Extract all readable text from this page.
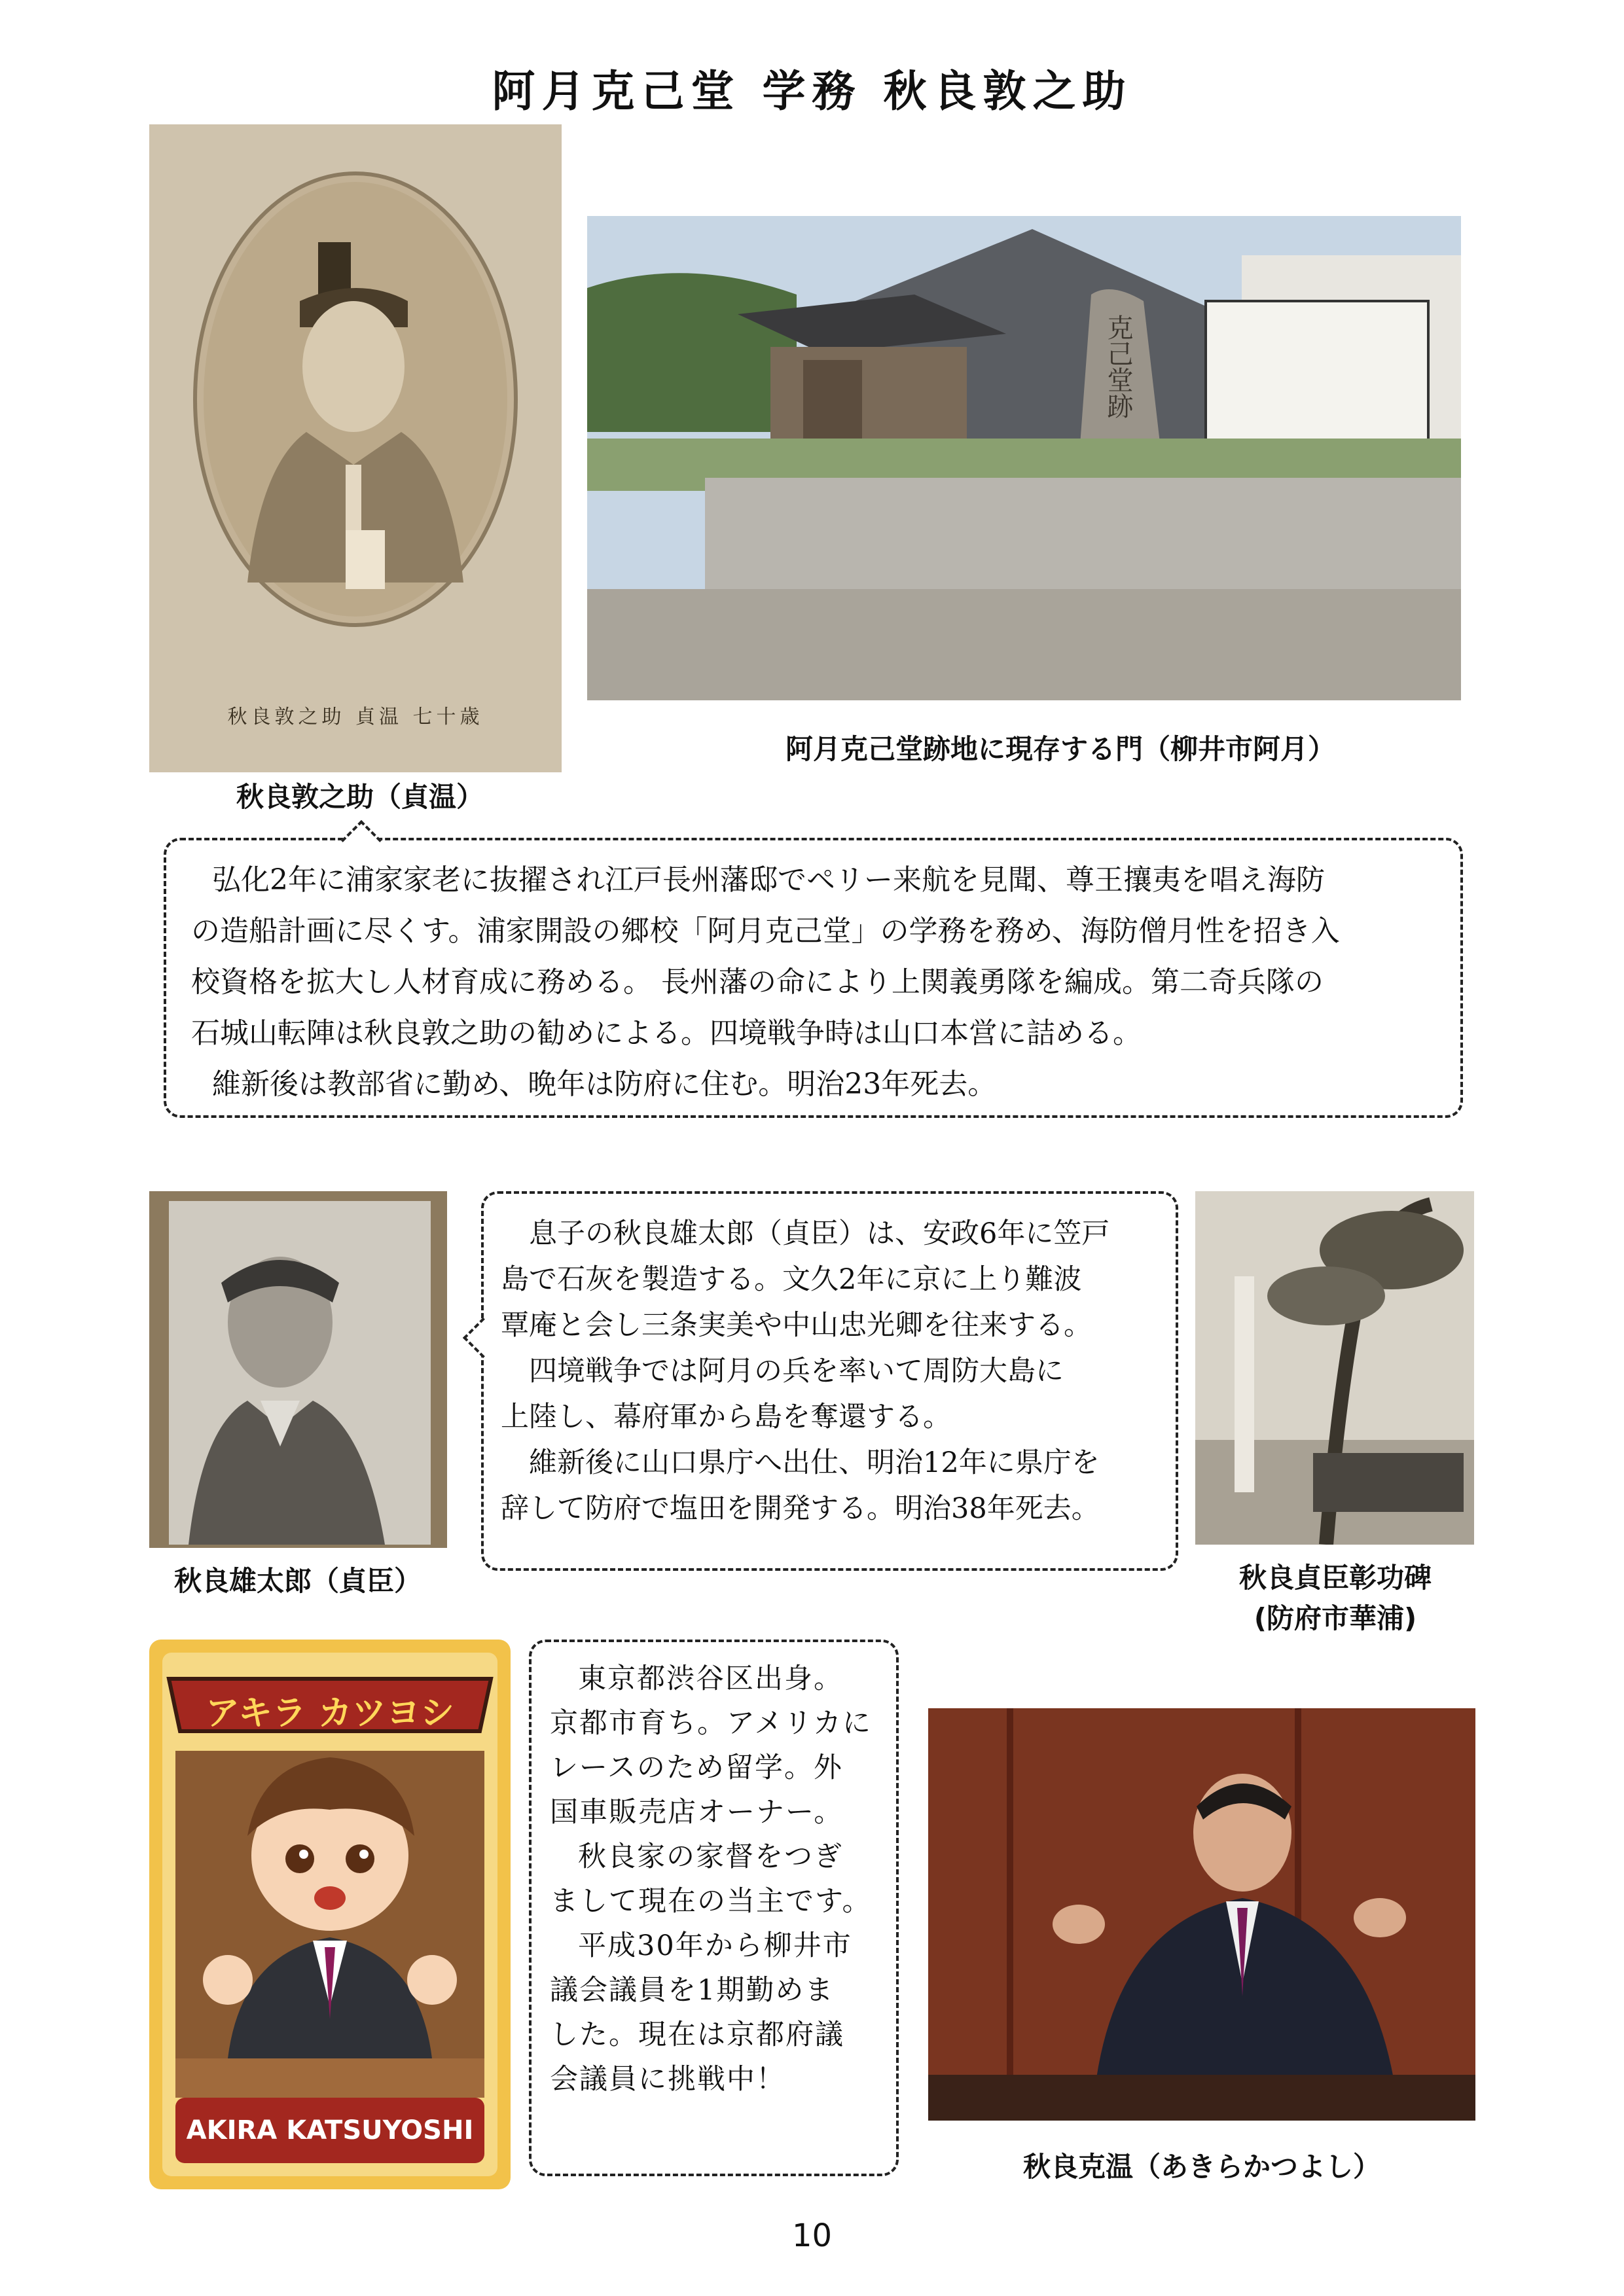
阿月克己堂 学務 秋良敦之助
秋良敦之助 貞温 七十歳
秋良敦之助（貞温）
克己堂跡
阿月克己堂跡地に現存する門（柳井市阿月）

弘化2年に浦家家老に抜擢され江戸長州藩邸でペリー来航を見聞、尊王攘夷を唱え海防

の造船計画に尽くす。浦家開設の郷校「阿月克己堂」の学務を務め、海防僧月性を招き入

校資格を拡大し人材育成に務める。 長州藩の命により上関義勇隊を編成。第二奇兵隊の

石城山転陣は秋良敦之助の勧めによる。四境戦争時は山口本営に詰める。

維新後は教部省に勤め、晩年は防府に住む。明治23年死去。

秋良雄太郎（貞臣）

息子の秋良雄太郎（貞臣）は、安政6年に笠戸

島で石灰を製造する。文久2年に京に上り難波

覃庵と会し三条実美や中山忠光卿を往来する。

四境戦争では阿月の兵を率いて周防大島に

上陸し、幕府軍から島を奪還する。

維新後に山口県庁へ出仕、明治12年に県庁を

辞して防府で塩田を開発する。明治38年死去。

秋良貞臣彰功碑
(防府市華浦)
アキラ カツヨシ
AKIRA KATSUYOSHI

東京都渋谷区出身。

京都市育ち。アメリカに

レースのため留学。外

国車販売店オーナー。

秋良家の家督をつぎ

まして現在の当主です。

平成30年から柳井市

議会議員を1期勤めま

した。現在は京都府議

会議員に挑戦中！

秋良克温（あきらかつよし）
10
